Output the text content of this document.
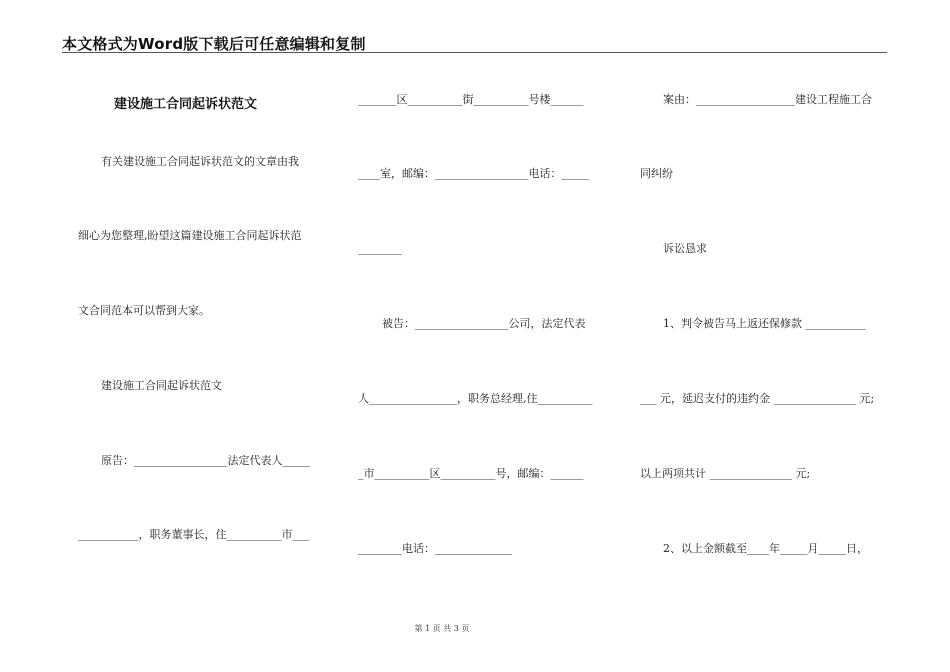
本文格式为Word版下载后可任意编辑和复制
建设施工合同起诉状范文
有关建设施工合同起诉状范文的文章由我
细心为您整理,盼望这篇建设施工合同起诉状范
文合同范本可以帮到大家。
建设施工合同起诉状范文
原告：_________________法定代表人_____
___________，职务董事长，住__________市___
_______区__________街__________号楼______
____室，邮编：_________________电话：_____
________
被告：_________________公司，法定代表
人________________，职务总经理,住__________
_市__________区__________号，邮编：______
________电话：______________
案由：__________________建设工程施工合
同纠纷
诉讼恳求
1、判令被告马上返还保修款 ___________
___ 元，延迟支付的违约金 _______________ 元;
以上两项共计 _______________ 元;
2、以上金额截至____年_____月_____日，
第 1 页 共 3 页
